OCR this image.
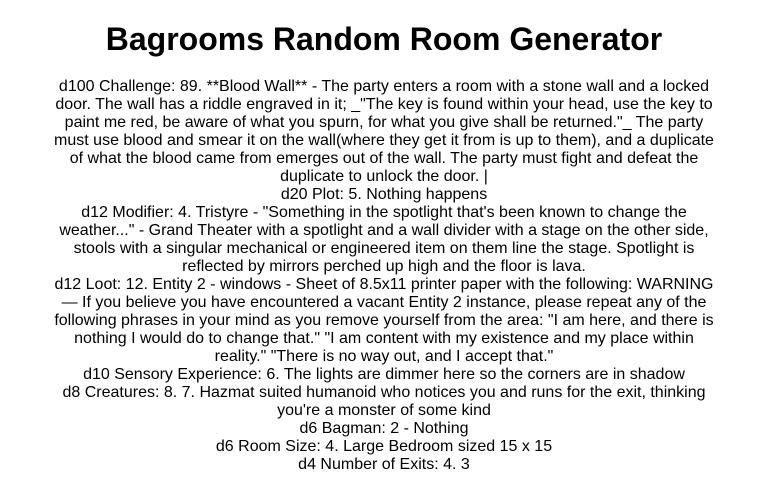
Bagrooms Random Room Generator
d100 Challenge: 89. **Blood Wall** - The party enters a room with a stone wall and a locked door. The wall has a riddle engraved in it; _"The key is found within your head, use the key to paint me red, be aware of what you spurn, for what you give shall be returned."_ The party must use blood and smear it on the wall(where they get it from is up to them), and a duplicate of what the blood came from emerges out of the wall. The party must fight and defeat the duplicate to unlock the door. |
d20 Plot: 5. Nothing happens
d12 Modifier: 4. Tristyre - "Something in the spotlight that's been known to change the weather..." - Grand Theater with a spotlight and a wall divider with a stage on the other side, stools with a singular mechanical or engineered item on them line the stage. Spotlight is reflected by mirrors perched up high and the floor is lava.
d12 Loot: 12. Entity 2 - windows - Sheet of 8.5x11 printer paper with the following: WARNING — If you believe you have encountered a vacant Entity 2 instance, please repeat any of the following phrases in your mind as you remove yourself from the area: "I am here, and there is nothing I would do to change that." "I am content with my existence and my place within reality." "There is no way out, and I accept that."
d10 Sensory Experience: 6. The lights are dimmer here so the corners are in shadow
d8 Creatures: 8. 7. Hazmat suited humanoid who notices you and runs for the exit, thinking you're a monster of some kind
d6 Bagman: 2 - Nothing
d6 Room Size: 4. Large Bedroom sized 15 x 15
d4 Number of Exits: 4. 3
